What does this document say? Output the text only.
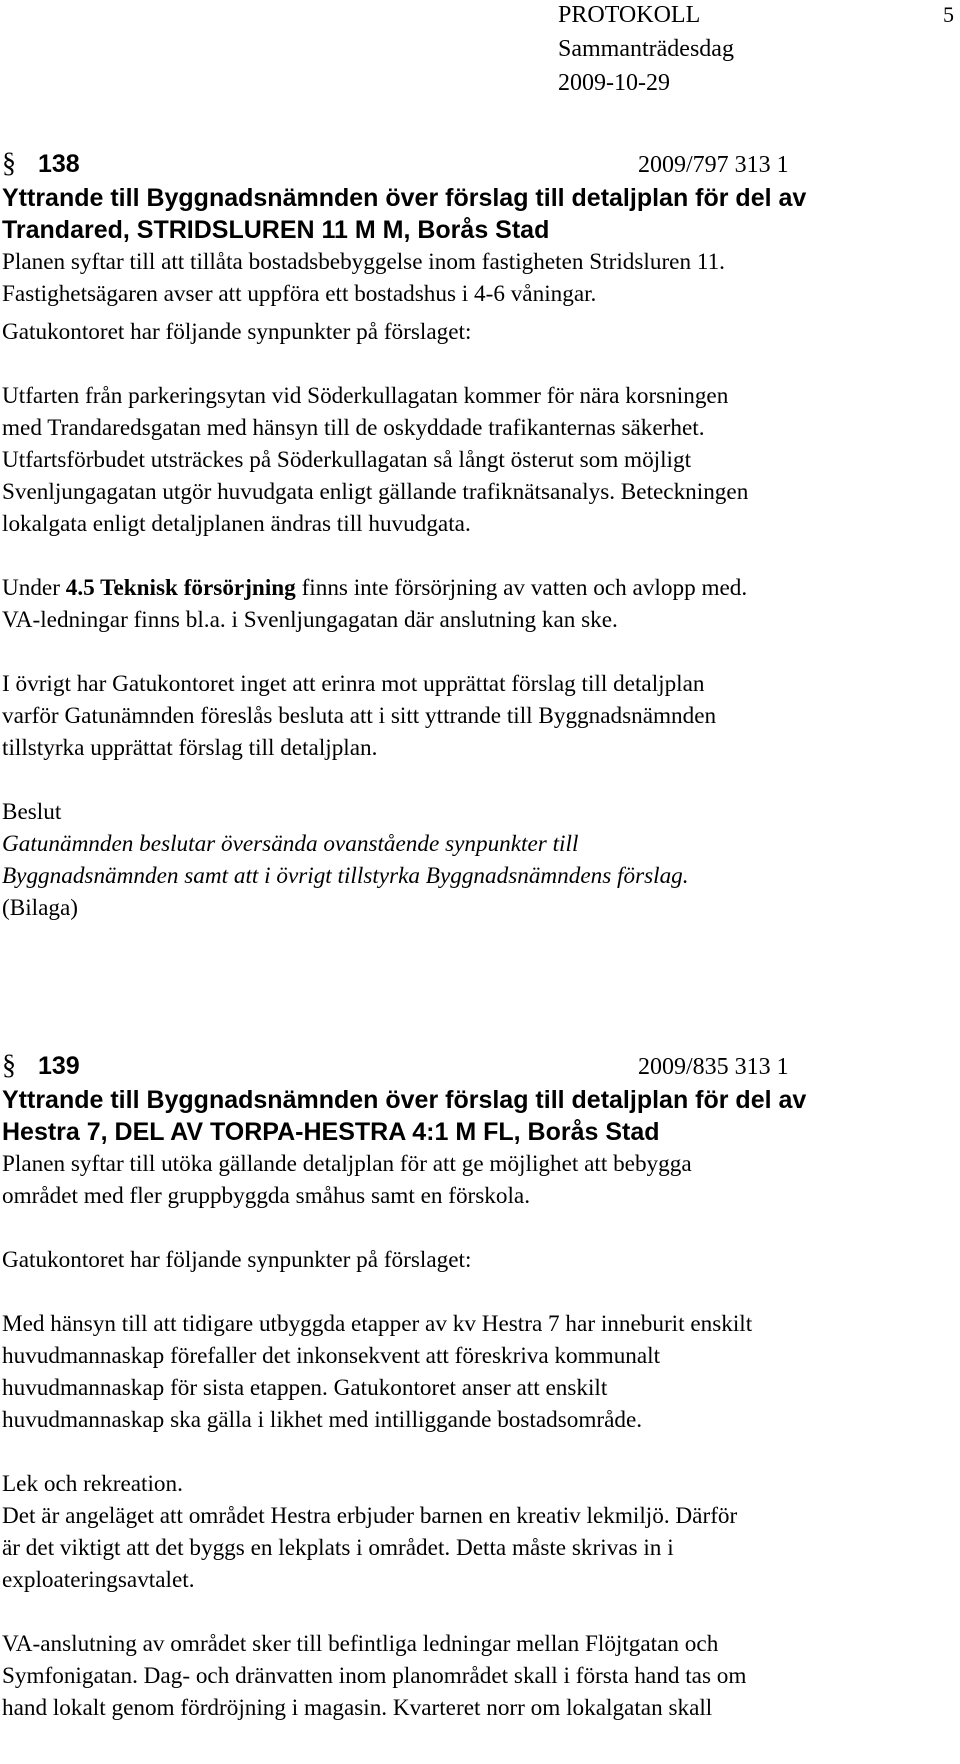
PROTOKOLL
Sammanträdesdag
2009-10-29
5
§ 138	2009/797 313 1
Yttrande till Byggnadsnämnden över förslag till detaljplan för del av
Trandared, STRIDSLUREN 11 M M, Borås Stad
Planen syftar till att tillåta bostadsbebyggelse inom fastigheten Stridsluren 11.
Fastighetsägaren avser att uppföra ett bostadshus i 4-6 våningar.
Gatukontoret har följande synpunkter på förslaget:
Utfarten från parkeringsytan vid Söderkullagatan kommer för nära korsningen
med Trandaredsgatan med hänsyn till de oskyddade trafikanternas säkerhet.
Utfartsförbudet utsträckes på Söderkullagatan så långt österut som möjligt
Svenljungagatan utgör huvudgata enligt gällande trafiknätsanalys. Beteckningen
lokalgata enligt detaljplanen ändras till huvudgata.
Under 4.5 Teknisk försörjning finns inte försörjning av vatten och avlopp med.
VA-ledningar finns bl.a. i Svenljungagatan där anslutning kan ske.
I övrigt har Gatukontoret inget att erinra mot upprättat förslag till detaljplan
varför Gatunämnden föreslås besluta att i sitt yttrande till Byggnadsnämnden
tillstyrka upprättat förslag till detaljplan.
Beslut
Gatunämnden beslutar översända ovanstående synpunkter till
Byggnadsnämnden samt att i övrigt tillstyrka Byggnadsnämndens förslag.
(Bilaga)
§ 139	2009/835 313 1
Yttrande till Byggnadsnämnden över förslag till detaljplan för del av
Hestra 7, DEL AV TORPA-HESTRA 4:1 M FL, Borås Stad
Planen syftar till utöka gällande detaljplan för att ge möjlighet att bebygga
området med fler gruppbyggda småhus samt en förskola.
Gatukontoret har följande synpunkter på förslaget:
Med hänsyn till att tidigare utbyggda etapper av kv Hestra 7 har inneburit enskilt
huvudmannaskap förefaller det inkonsekvent att föreskriva kommunalt
huvudmannaskap för sista etappen. Gatukontoret anser att enskilt
huvudmannaskap ska gälla i likhet med intilliggande bostadsområde.
Lek och rekreation.
Det är angeläget att området Hestra erbjuder barnen en kreativ lekmiljö. Därför
är det viktigt att det byggs en lekplats i området. Detta måste skrivas in i
exploateringsavtalet.
VA-anslutning av området sker till befintliga ledningar mellan Flöjtgatan och
Symfonigatan. Dag- och dränvatten inom planområdet skall i första hand tas om
hand lokalt genom fördröjning i magasin. Kvarteret norr om lokalgatan skall
